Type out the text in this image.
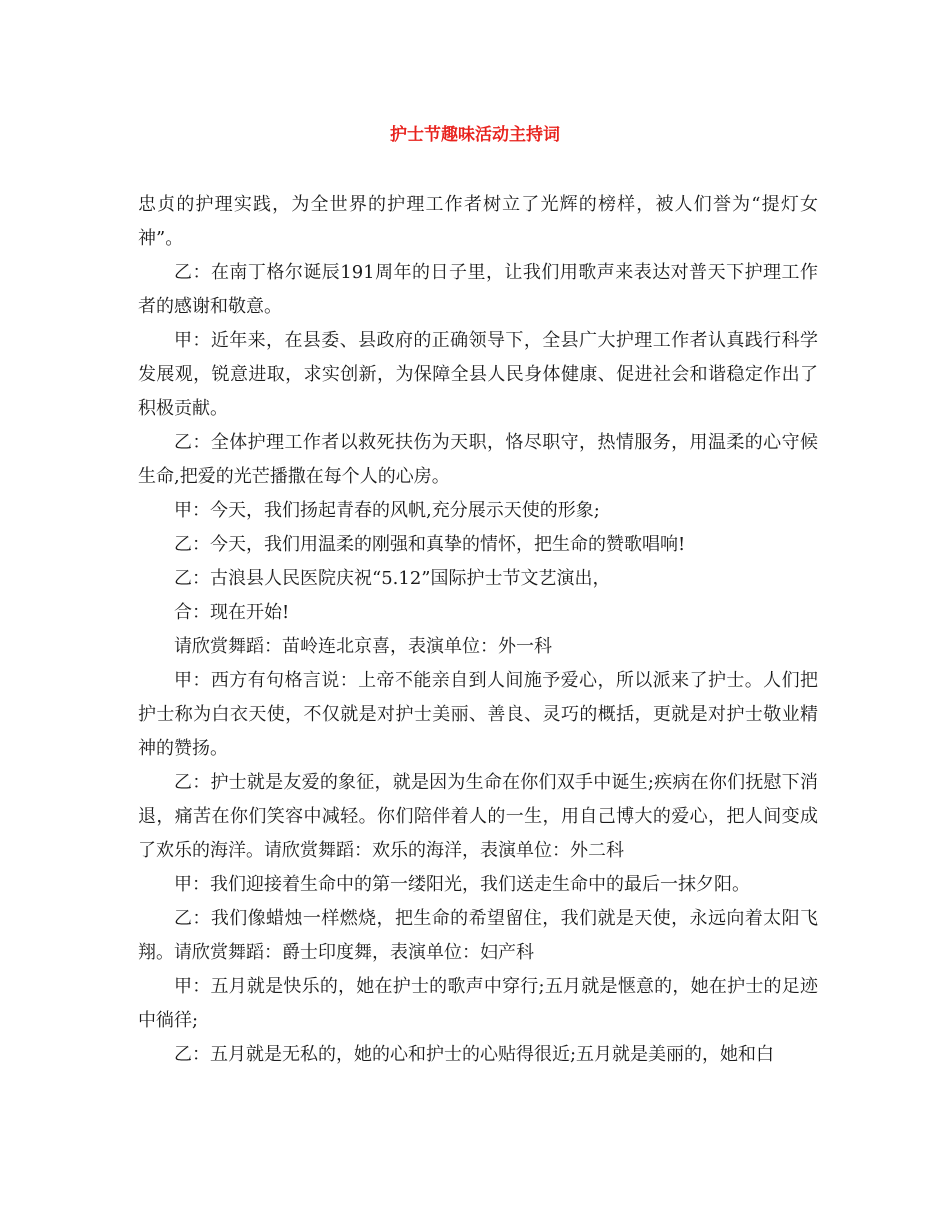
护士节趣味活动主持词

忠贞的护理实践，为全世界的护理工作者树立了光辉的榜样，被人们誉为“提灯女神”。

乙：在南丁格尔诞辰191周年的日子里，让我们用歌声来表达对普天下护理工作者的感谢和敬意。

甲：近年来，在县委、县政府的正确领导下，全县广大护理工作者认真践行科学发展观，锐意进取，求实创新，为保障全县人民身体健康、促进社会和谐稳定作出了积极贡献。

乙：全体护理工作者以救死扶伤为天职，恪尽职守，热情服务，用温柔的心守候生命,把爱的光芒播撒在每个人的心房。

甲：今天，我们扬起青春的风帆,充分展示天使的形象;

乙：今天，我们用温柔的刚强和真挚的情怀，把生命的赞歌唱响!

乙：古浪县人民医院庆祝“5.12”国际护士节文艺演出，

合：现在开始!

请欣赏舞蹈：苗岭连北京喜，表演单位：外一科

甲：西方有句格言说：上帝不能亲自到人间施予爱心，所以派来了护士。人们把护士称为白衣天使，不仅就是对护士美丽、善良、灵巧的概括，更就是对护士敬业精神的赞扬。

乙：护士就是友爱的象征，就是因为生命在你们双手中诞生;疾病在你们抚慰下消退，痛苦在你们笑容中减轻。你们陪伴着人的一生，用自己博大的爱心，把人间变成了欢乐的海洋。请欣赏舞蹈：欢乐的海洋，表演单位：外二科

甲：我们迎接着生命中的第一缕阳光，我们送走生命中的最后一抹夕阳。

乙：我们像蜡烛一样燃烧，把生命的希望留住，我们就是天使，永远向着太阳飞翔。请欣赏舞蹈：爵士印度舞，表演单位：妇产科

甲：五月就是快乐的，她在护士的歌声中穿行;五月就是惬意的，她在护士的足迹中徜徉;

乙：五月就是无私的，她的心和护士的心贴得很近;五月就是美丽的，她和白
